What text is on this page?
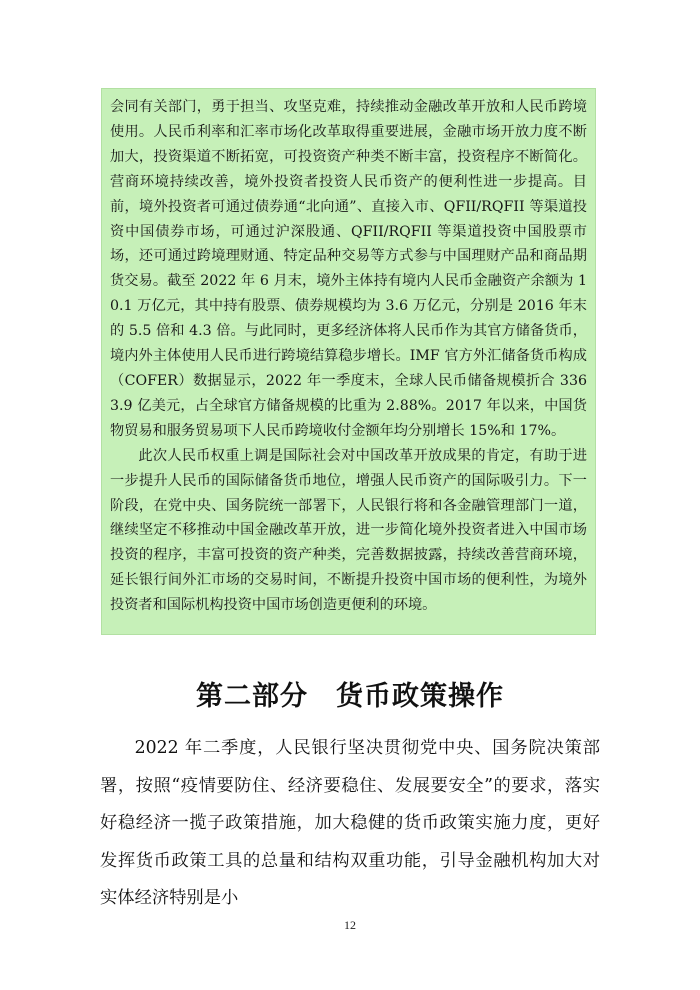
会同有关部门，勇于担当、攻坚克难，持续推动金融改革开放和人民币跨境使用。人民币利率和汇率市场化改革取得重要进展，金融市场开放力度不断加大，投资渠道不断拓宽，可投资资产种类不断丰富，投资程序不断简化。营商环境持续改善，境外投资者投资人民币资产的便利性进一步提高。目前，境外投资者可通过债券通“北向通”、直接入市、QFII/RQFII 等渠道投资中国债券市场，可通过沪深股通、QFII/RQFII 等渠道投资中国股票市场，还可通过跨境理财通、特定品种交易等方式参与中国理财产品和商品期货交易。截至 2022 年 6 月末，境外主体持有境内人民币金融资产余额为 10.1 万亿元，其中持有股票、债券规模均为 3.6 万亿元，分别是 2016 年末的 5.5 倍和 4.3 倍。与此同时，更多经济体将人民币作为其官方储备货币，境内外主体使用人民币进行跨境结算稳步增长。IMF 官方外汇储备货币构成（COFER）数据显示，2022 年一季度末，全球人民币储备规模折合 3363.9 亿美元，占全球官方储备规模的比重为 2.88%。2017 年以来，中国货物贸易和服务贸易项下人民币跨境收付金额年均分别增长 15%和 17%。

此次人民币权重上调是国际社会对中国改革开放成果的肯定，有助于进一步提升人民币的国际储备货币地位，增强人民币资产的国际吸引力。下一阶段，在党中央、国务院统一部署下，人民银行将和各金融管理部门一道，继续坚定不移推动中国金融改革开放，进一步简化境外投资者进入中国市场投资的程序，丰富可投资的资产种类，完善数据披露，持续改善营商环境，延长银行间外汇市场的交易时间，不断提升投资中国市场的便利性，为境外投资者和国际机构投资中国市场创造更便利的环境。

第二部分　货币政策操作

2022 年二季度，人民银行坚决贯彻党中央、国务院决策部署，按照“疫情要防住、经济要稳住、发展要安全”的要求，落实好稳经济一揽子政策措施，加大稳健的货币政策实施力度，更好发挥货币政策工具的总量和结构双重功能，引导金融机构加大对实体经济特别是小

12
